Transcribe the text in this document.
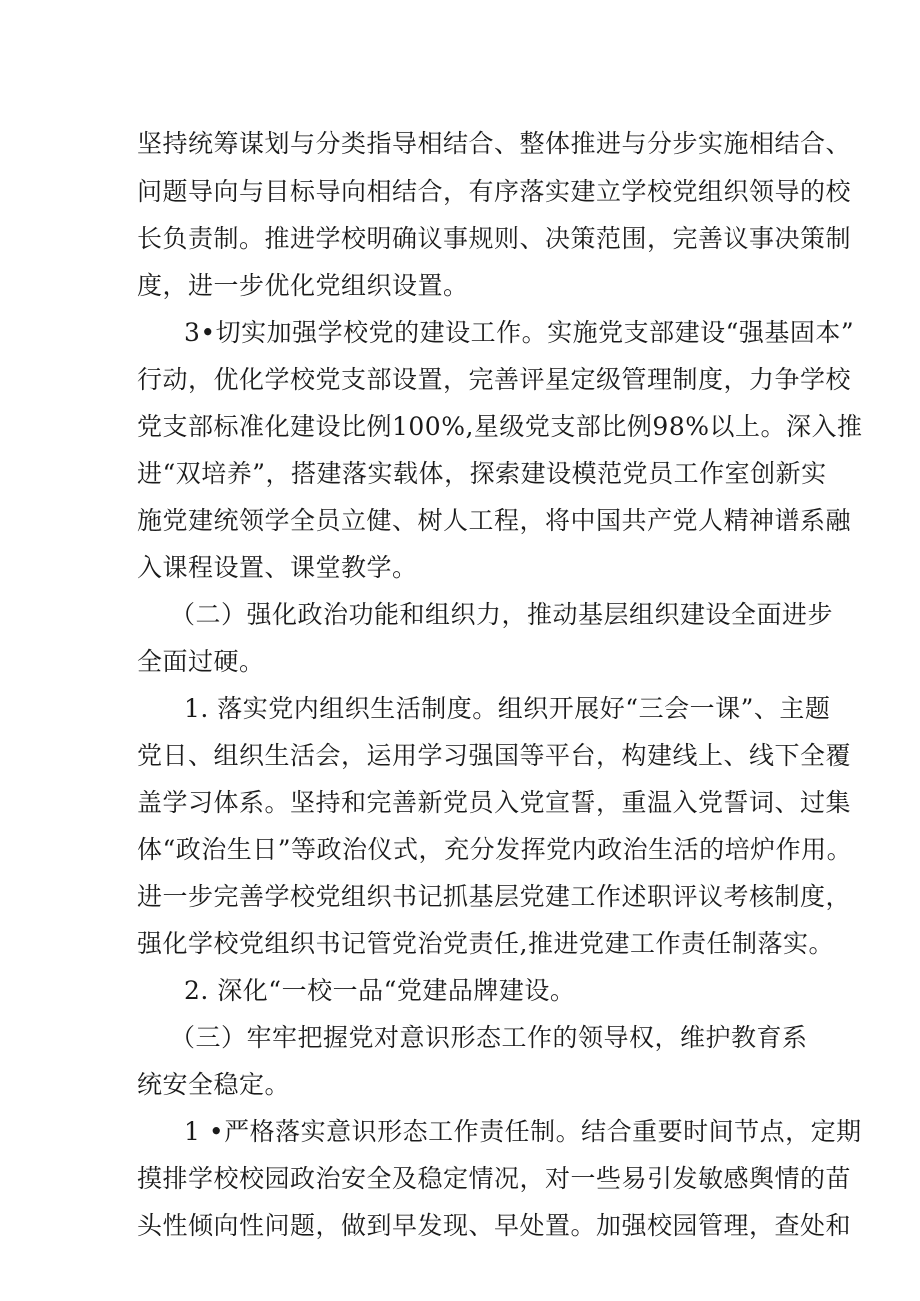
坚持统筹谋划与分类指导相结合、整体推进与分步实施相结合、
问题导向与目标导向相结合，有序落实建立学校党组织领导的校
长负责制。推进学校明确议事规则、决策范围，完善议事决策制
度，进一步优化党组织设置。
3•切实加强学校党的建设工作。实施党支部建设“强基固本”
行动，优化学校党支部设置，完善评星定级管理制度，力争学校
党支部标准化建设比例100%,星级党支部比例98%以上。深入推
进“双培养”，搭建落实载体，探索建设模范党员工作室创新实
施党建统领学全员立健、树人工程，将中国共产党人精神谱系融
入课程设置、课堂教学。
（二）强化政治功能和组织力，推动基层组织建设全面进步
全面过硬。
1. 落实党内组织生活制度。组织开展好“三会一课”、主题
党日、组织生活会，运用学习强国等平台，构建线上、线下全覆
盖学习体系。坚持和完善新党员入党宣誓，重温入党誓词、过集
体“政治生日”等政治仪式，充分发挥党内政治生活的培炉作用。
进一步完善学校党组织书记抓基层党建工作述职评议考核制度，
强化学校党组织书记管党治党责任,推进党建工作责任制落实。
2. 深化“一校一品“党建品牌建设。
（三）牢牢把握党对意识形态工作的领导权，维护教育系
统安全稳定。
1 •严格落实意识形态工作责任制。结合重要时间节点，定期
摸排学校校园政治安全及稳定情况，对一些易引发敏感舆情的苗
头性倾向性问题，做到早发现、早处置。加强校园管理，查处和
